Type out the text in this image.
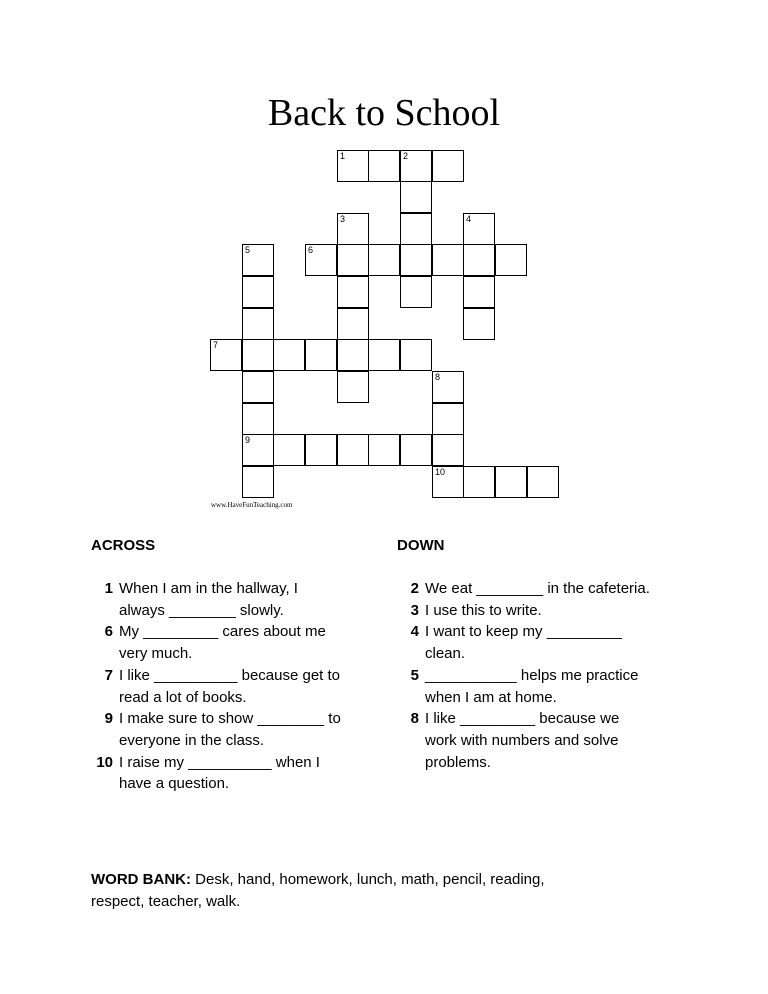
Back to School
1	2
3	4
5	6
7
8
9
10
www.HaveFunTeaching.com
ACROSS	DOWN
1 When I am in the hallway, I
always ________ slowly.
6 My _________ cares about me
very much.
7 I like __________ because get to
read a lot of books.
9 I make sure to show ________ to
everyone in the class.
10 I raise my __________ when I
have a question.
2 We eat ________ in the cafeteria.
3 I use this to write.
4 I want to keep my _________
clean.
5 ___________ helps me practice
when I am at home.
8 I like _________ because we
work with numbers and solve
problems.
WORD BANK: Desk, hand, homework, lunch, math, pencil, reading,
respect, teacher, walk.
